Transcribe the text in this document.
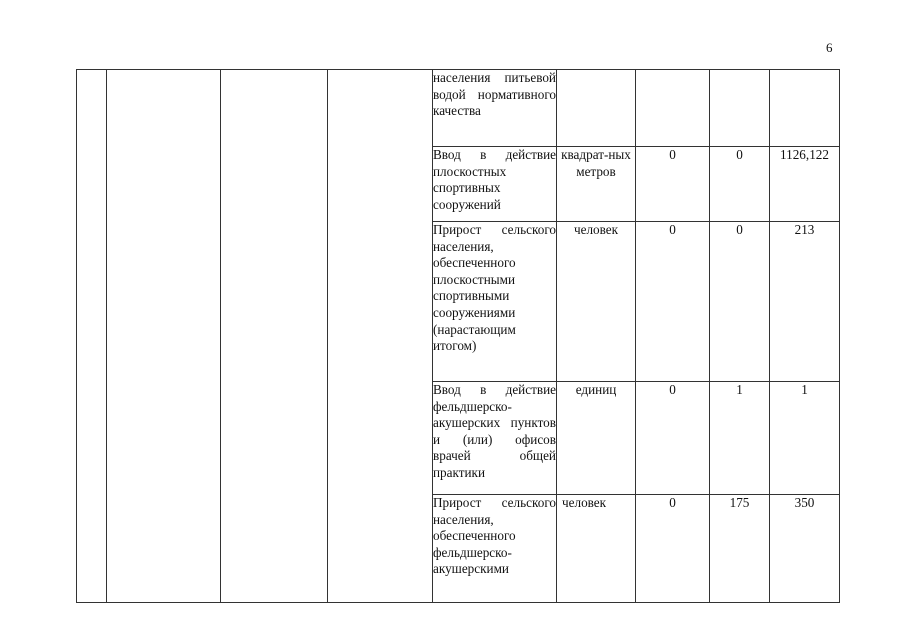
6
				населения питьевой водой нормативного качества				
				Ввод в действие плоскостных спортивных сооружений	квадрат-ных метров	0	0	1126,122
				Прирост сельского населения, обеспеченного плоскостными спортивными сооружениями (нарастающим итогом)	человек	0	0	213
				Ввод в действие фельдшерско-акушерских пунктов и (или) офисов врачей общей практики	единиц	0	1	1
				Прирост сельского населения, обеспеченного фельдшерско-акушерскими	человек	0	175	350
